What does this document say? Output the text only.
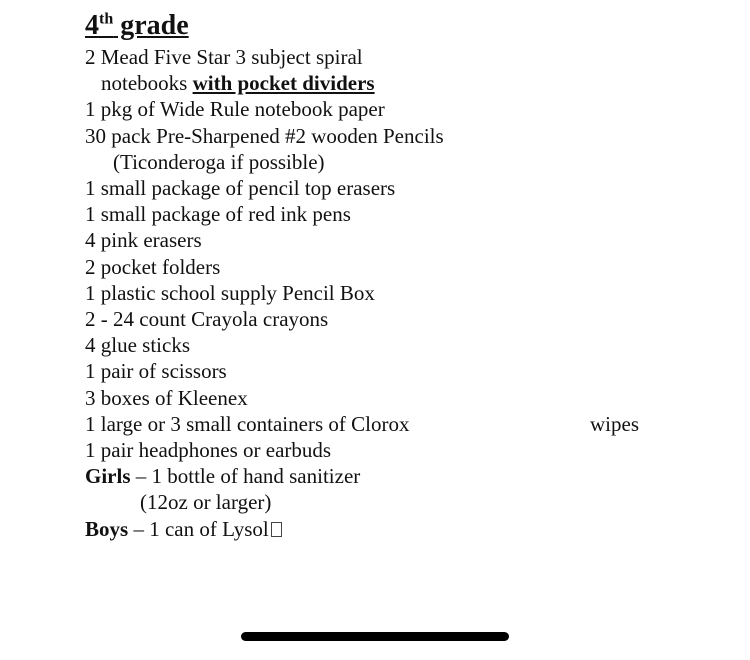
4th grade
2 Mead Five Star 3 subject spiral
notebooks with pocket dividers
1 pkg of Wide Rule notebook paper
30 pack Pre-Sharpened #2 wooden Pencils
(Ticonderoga if possible)
1 small package of pencil top erasers
1 small package of red ink pens
4 pink erasers
2 pocket folders
1 plastic school supply Pencil Box
2 - 24 count Crayola crayons
4 glue sticks
1 pair of scissors
3 boxes of Kleenex
1 large or 3 small containers of Clorox	wipes
1 pair headphones or earbuds
Girls – 1 bottle of hand sanitizer
(12oz or larger)
Boys – 1 can of Lysol
